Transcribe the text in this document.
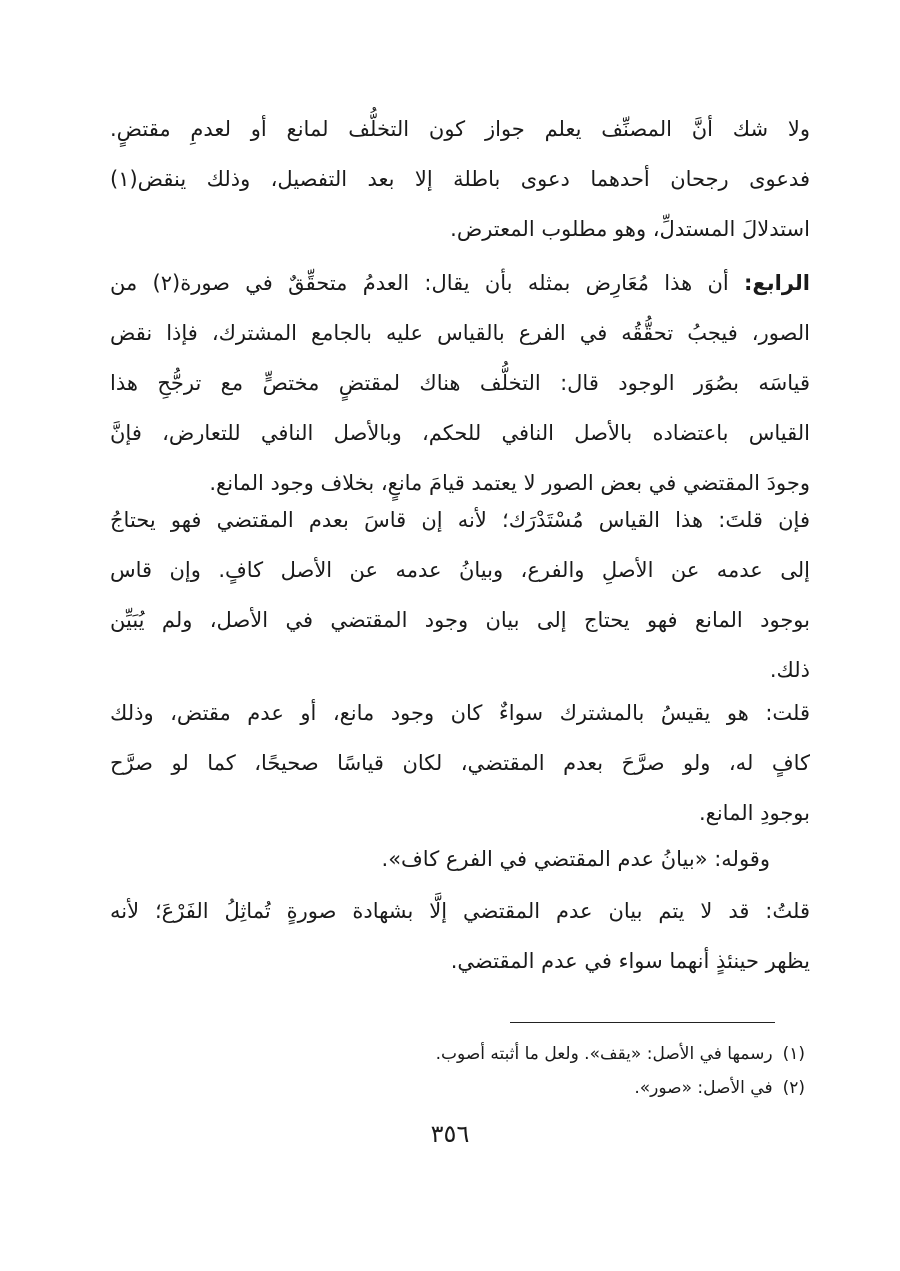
ولا شك أنَّ المصنِّف يعلم جواز كون التخلُّف لمانع أو لعدمِ مقتضٍ.
فدعوى رجحان أحدهما دعوى باطلة إلا بعد التفصيل، وذلك ينقض(١)
استدلالَ المستدلِّ، وهو مطلوب المعترض.
الرابع: أن هذا مُعَارِض بمثله بأن يقال: العدمُ متحقِّقٌ في صورة(٢) من
الصور، فيجبُ تحقُّقُه في الفرع بالقياس عليه بالجامع المشترك، فإذا نقض
قياسَه بصُوَر الوجود قال: التخلُّف هناك لمقتضٍ مختصٍّ مع ترجُّحِ هذا
القياس باعتضاده بالأصل النافي للحكم، وبالأصل النافي للتعارض، فإنَّ
وجودَ المقتضي في بعض الصور لا يعتمد قيامَ مانعٍ، بخلاف وجود المانع.
فإن قلتَ: هذا القياس مُسْتَدْرَك؛ لأنه إن قاسَ بعدم المقتضي فهو يحتاجُ
إلى عدمه عن الأصلِ والفرع، وبيانُ عدمه عن الأصل كافٍ. وإن قاس
بوجود المانع فهو يحتاج إلى بيان وجود المقتضي في الأصل، ولم يُبَيِّن
ذلك.
قلت: هو يقيسُ بالمشترك سواءٌ كان وجود مانع، أو عدم مقتض، وذلك
كافٍ له، ولو صرَّحَ بعدم المقتضي، لكان قياسًا صحيحًا، كما لو صرَّح
بوجودِ المانع.
وقوله: «بيانُ عدم المقتضي في الفرع كاف».
قلتُ: قد لا يتم بيان عدم المقتضي إلَّا بشهادة صورةٍ تُماثِلُ الفَرْعَ؛ لأنه
يظهر حينئذٍ أنهما سواء في عدم المقتضي.
(١)رسمها في الأصل: «يقف». ولعل ما أثبته أصوب.
(٢)في الأصل: «صور».
٣٥٦
